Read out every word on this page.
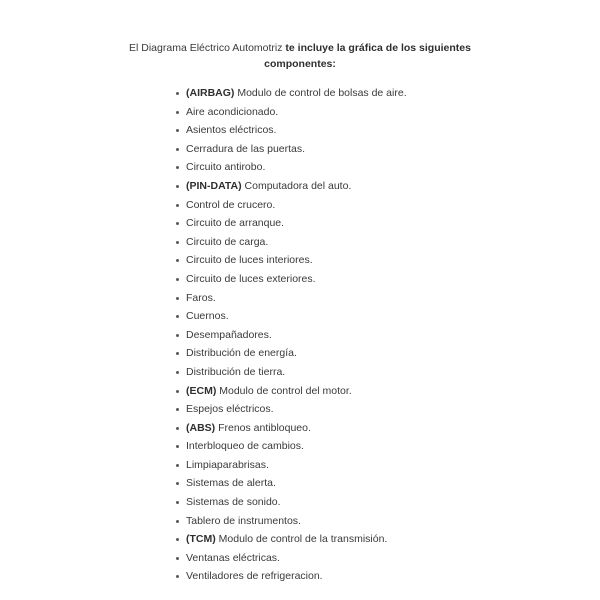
El Diagrama Eléctrico Automotriz te incluye la gráfica de los siguientes
componentes:
(AIRBAG) Modulo de control de bolsas de aire.
Aire acondicionado.
Asientos eléctricos.
Cerradura de las puertas.
Circuito antirobo.
(PIN-DATA) Computadora del auto.
Control de crucero.
Circuito de arranque.
Circuito de carga.
Circuito de luces interiores.
Circuito de luces exteriores.
Faros.
Cuernos.
Desempañadores.
Distribución de energía.
Distribución de tierra.
(ECM) Modulo de control del motor.
Espejos eléctricos.
(ABS) Frenos antibloqueo.
Interbloqueo de cambios.
Limpiaparabrisas.
Sistemas de alerta.
Sistemas de sonido.
Tablero de instrumentos.
(TCM) Modulo de control de la transmisión.
Ventanas eléctricas.
Ventiladores de refrigeracion.
